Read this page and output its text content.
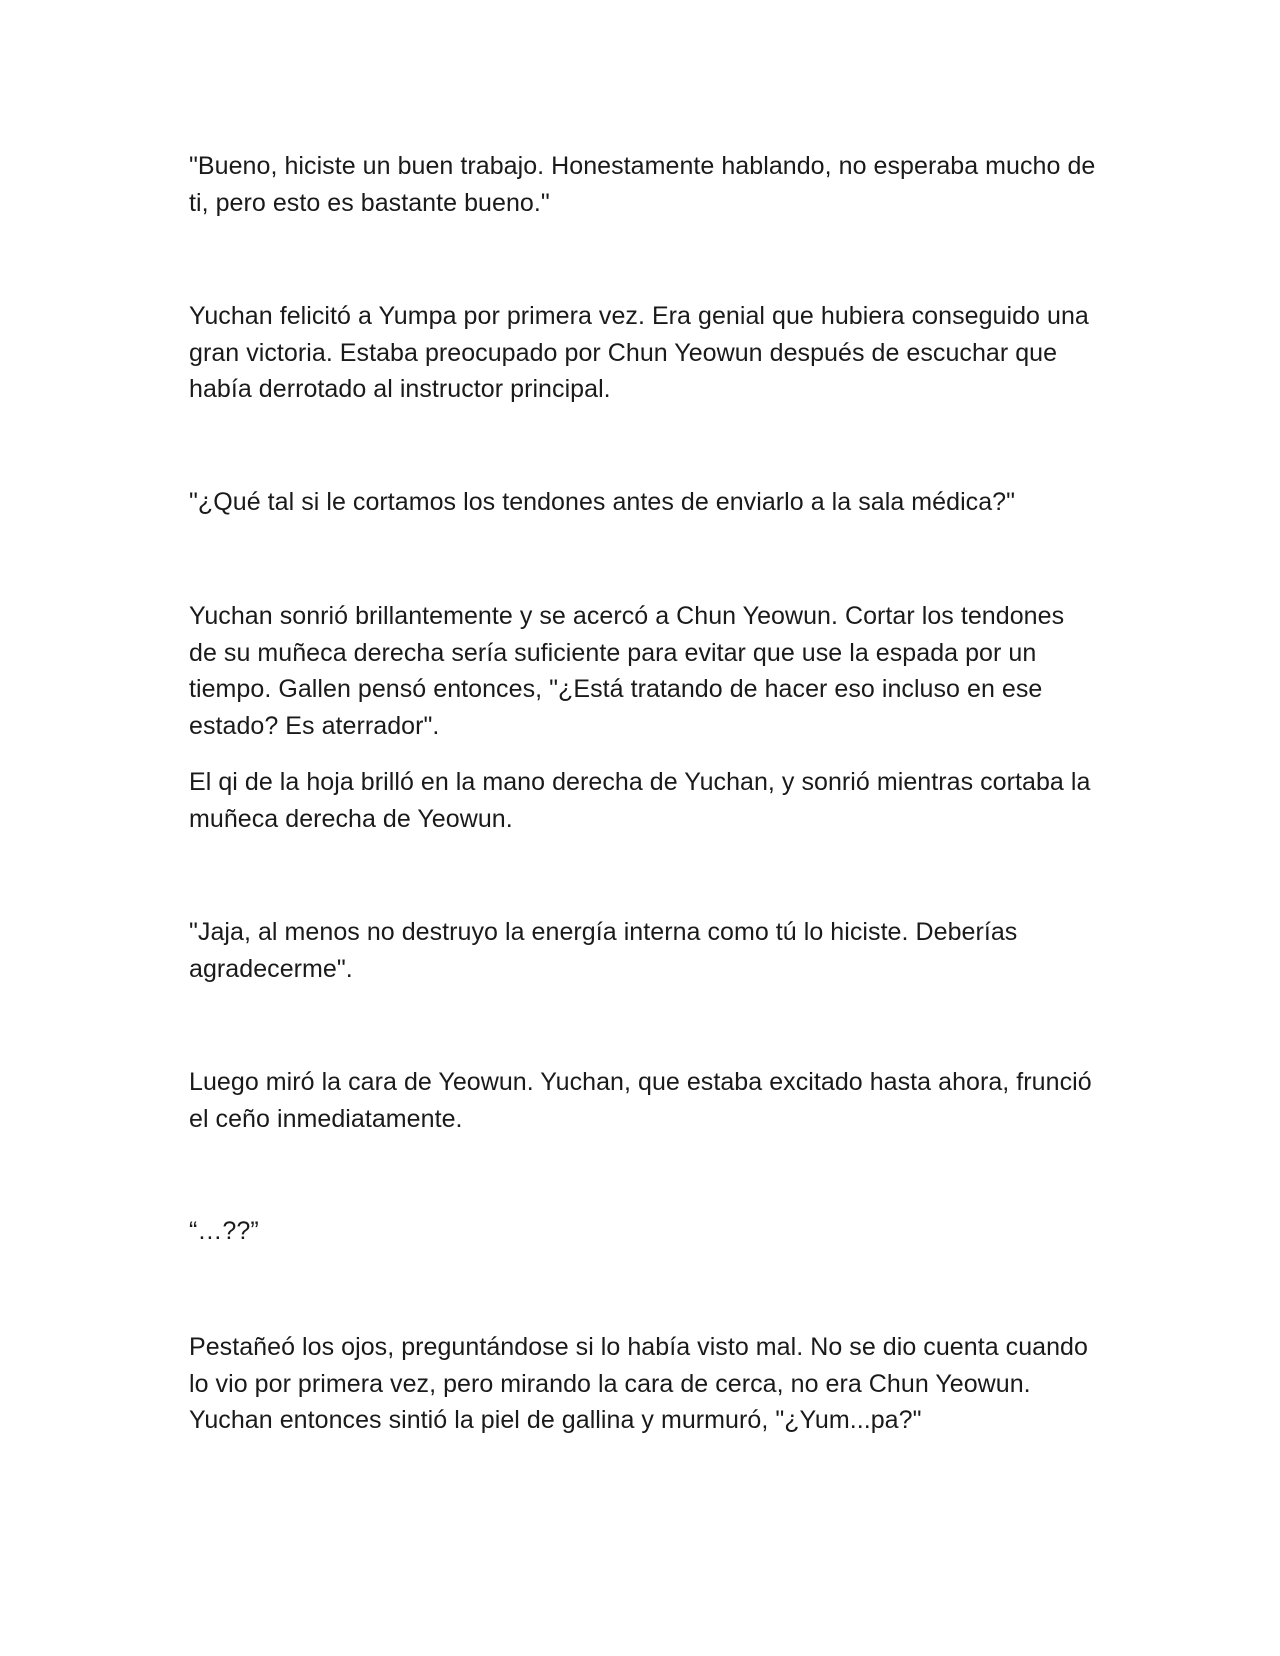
"Bueno, hiciste un buen trabajo. Honestamente hablando, no esperaba mucho de ti, pero esto es bastante bueno."

Yuchan felicitó a Yumpa por primera vez. Era genial que hubiera conseguido una gran victoria. Estaba preocupado por Chun Yeowun después de escuchar que había derrotado al instructor principal.

"¿Qué tal si le cortamos los tendones antes de enviarlo a la sala médica?"

Yuchan sonrió brillantemente y se acercó a Chun Yeowun. Cortar los tendones de su muñeca derecha sería suficiente para evitar que use la espada por un tiempo. Gallen pensó entonces, "¿Está tratando de hacer eso incluso en ese estado? Es aterrador".

El qi de la hoja brilló en la mano derecha de Yuchan, y sonrió mientras cortaba la muñeca derecha de Yeowun.

"Jaja, al menos no destruyo la energía interna como tú lo hiciste. Deberías agradecerme".

Luego miró la cara de Yeowun. Yuchan, que estaba excitado hasta ahora, frunció el ceño inmediatamente.

“…??”

Pestañeó los ojos, preguntándose si lo había visto mal. No se dio cuenta cuando lo vio por primera vez, pero mirando la cara de cerca, no era Chun Yeowun. Yuchan entonces sintió la piel de gallina y murmuró, "¿Yum...pa?"
